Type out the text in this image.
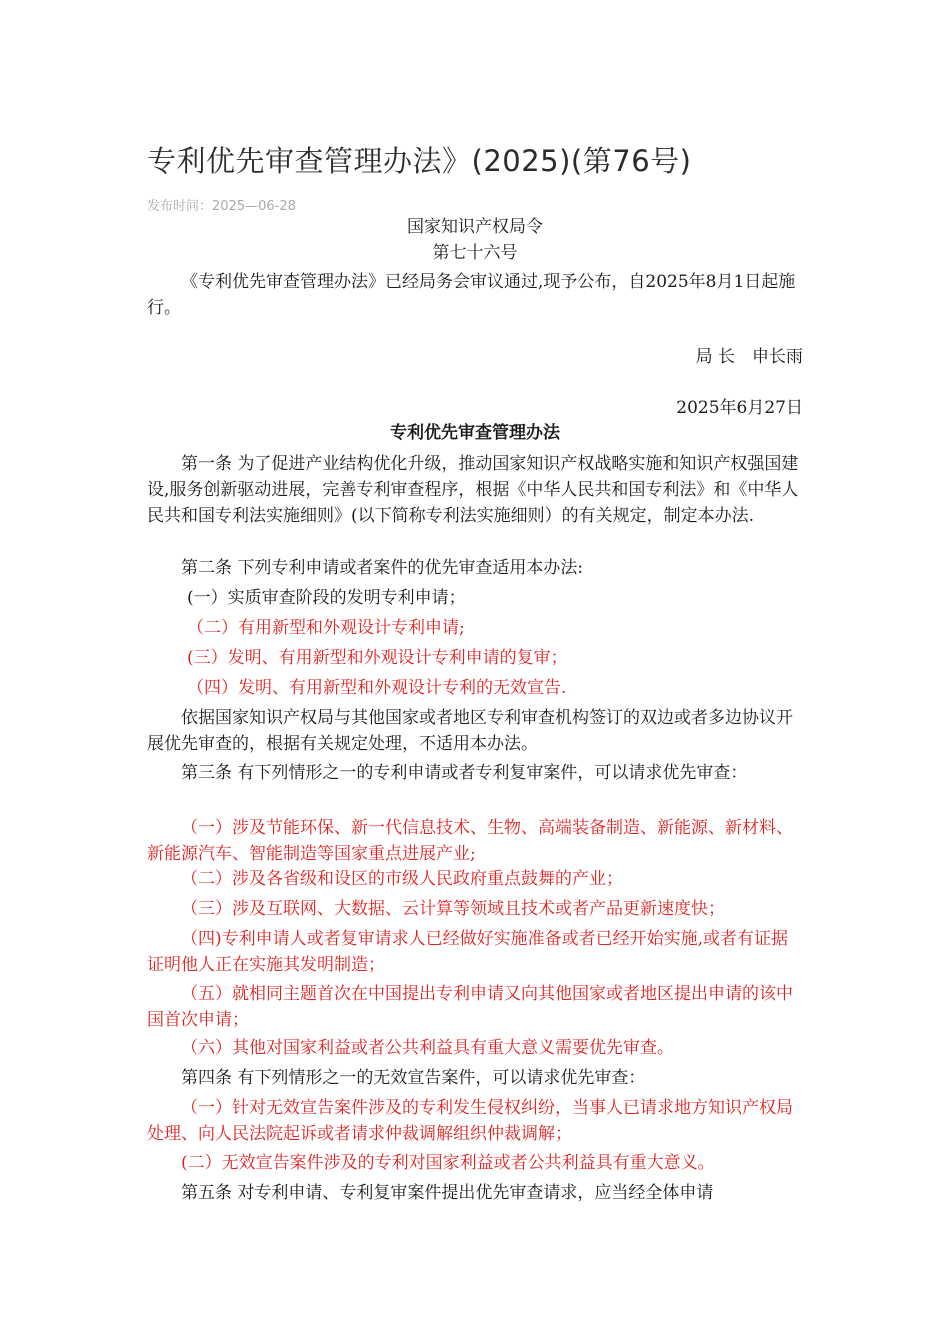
专利优先审查管理办法》(2025)(第76号)
发布时间：2025—06-28

国家知识产权局令

第七十六号

《专利优先审查管理办法》已经局务会审议通过,现予公布，自2025年8月1日起施行。

局 长　申长雨

2025年6月27日

专利优先审查管理办法

第一条 为了促进产业结构优化升级，推动国家知识产权战略实施和知识产权强国建设,服务创新驱动进展，完善专利审查程序，根据《中华人民共和国专利法》和《中华人民共和国专利法实施细则》(以下简称专利法实施细则）的有关规定，制定本办法.

第二条 下列专利申请或者案件的优先审查适用本办法:

(一）实质审查阶段的发明专利申请；

（二）有用新型和外观设计专利申请;

(三）发明、有用新型和外观设计专利申请的复审；

（四）发明、有用新型和外观设计专利的无效宣告.

依据国家知识产权局与其他国家或者地区专利审查机构签订的双边或者多边协议开展优先审查的，根据有关规定处理，不适用本办法。

第三条 有下列情形之一的专利申请或者专利复审案件，可以请求优先审查：

（一）涉及节能环保、新一代信息技术、生物、高端装备制造、新能源、新材料、新能源汽车、智能制造等国家重点进展产业;

（二）涉及各省级和设区的市级人民政府重点鼓舞的产业；

（三）涉及互联网、大数据、云计算等领域且技术或者产品更新速度快；

（四)专利申请人或者复审请求人已经做好实施准备或者已经开始实施,或者有证据证明他人正在实施其发明制造；

（五）就相同主题首次在中国提出专利申请又向其他国家或者地区提出申请的该中国首次申请；

（六）其他对国家利益或者公共利益具有重大意义需要优先审查。

第四条 有下列情形之一的无效宣告案件，可以请求优先审查：

（一）针对无效宣告案件涉及的专利发生侵权纠纷，当事人已请求地方知识产权局处理、向人民法院起诉或者请求仲裁调解组织仲裁调解；

(二）无效宣告案件涉及的专利对国家利益或者公共利益具有重大意义。

第五条 对专利申请、专利复审案件提出优先审查请求，应当经全体申请
